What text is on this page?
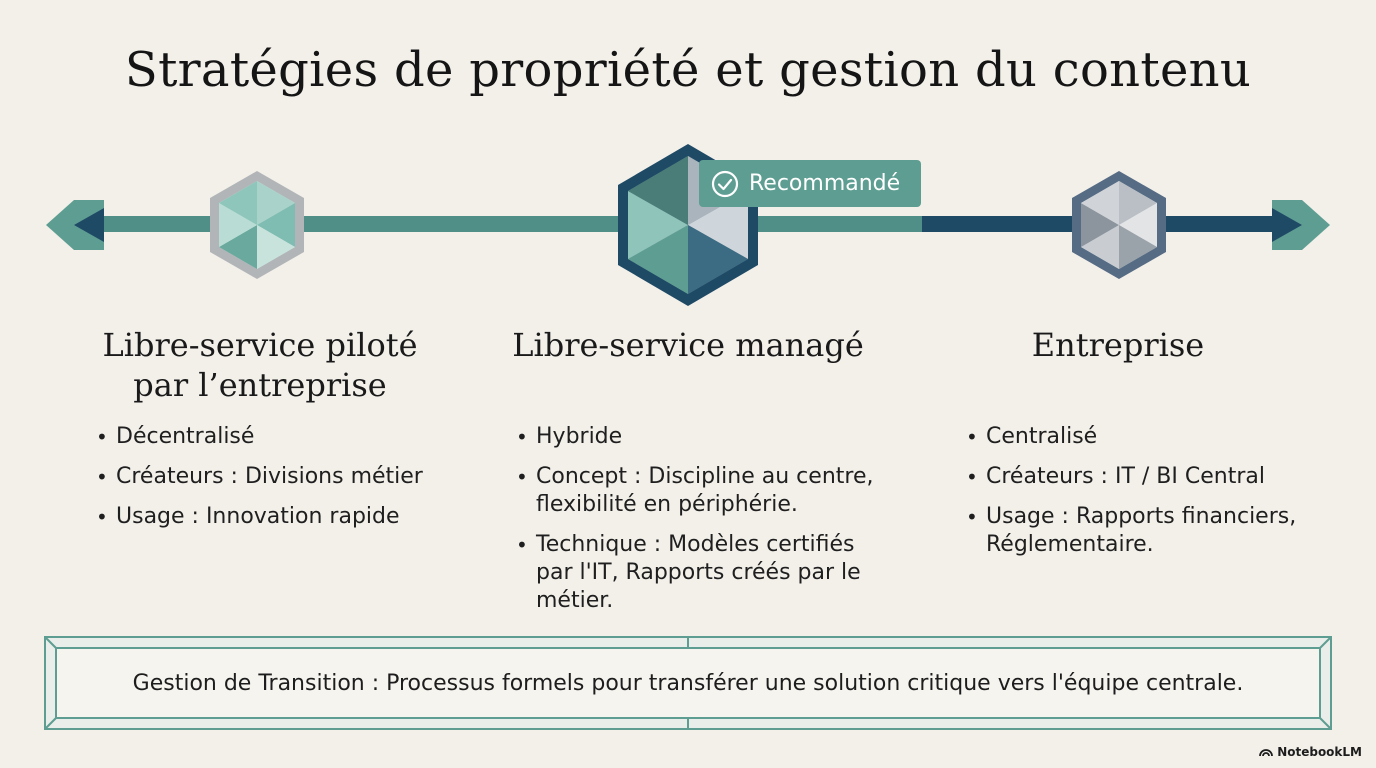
Stratégies de propriété et gestion du contenu
Recommandé
Libre-service piloté
par l’entreprise
• Décentralisé
• Créateurs : Divisions métier
• Usage : Innovation rapide
Libre-service managé
• Hybride
• Concept : Discipline au centre,
flexibilité en périphérie.
• Technique : Modèles certifiés
par l'IT, Rapports créés par le
métier.
Entreprise
• Centralisé
• Créateurs : IT / BI Central
• Usage : Rapports financiers,
Réglementaire.
Gestion de Transition : Processus formels pour transférer une solution critique vers l'équipe centrale.
NotebookLM
